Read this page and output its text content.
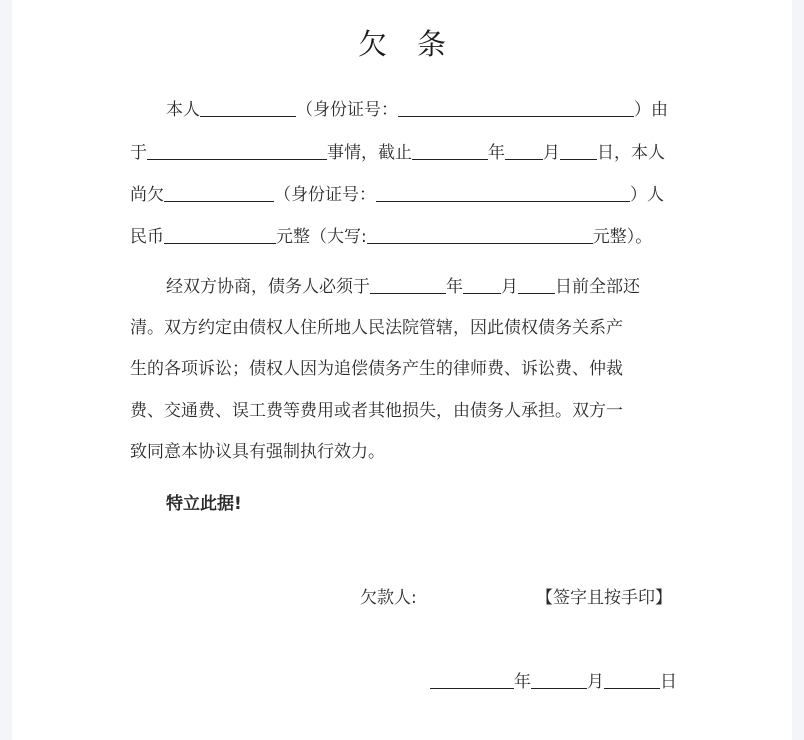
欠 条
本人	（身份证号：	）由
于	事情，截止	年 月 日，本人
尚欠	（身份证号：	）人
民币	元整（大写:	元整）。
经双方协商，债务人必须于	年 月 日前全部还
清。双方约定由债权人住所地人民法院管辖，因此债权债务关系产
生的各项诉讼；债权人因为追偿债务产生的律师费、诉讼费、仲裁
费、交通费、误工费等费用或者其他损失，由债务人承担。双方一
致同意本协议具有强制执行效力。
特立此据!
欠款人:	【签字且按手印】
年	月	日
